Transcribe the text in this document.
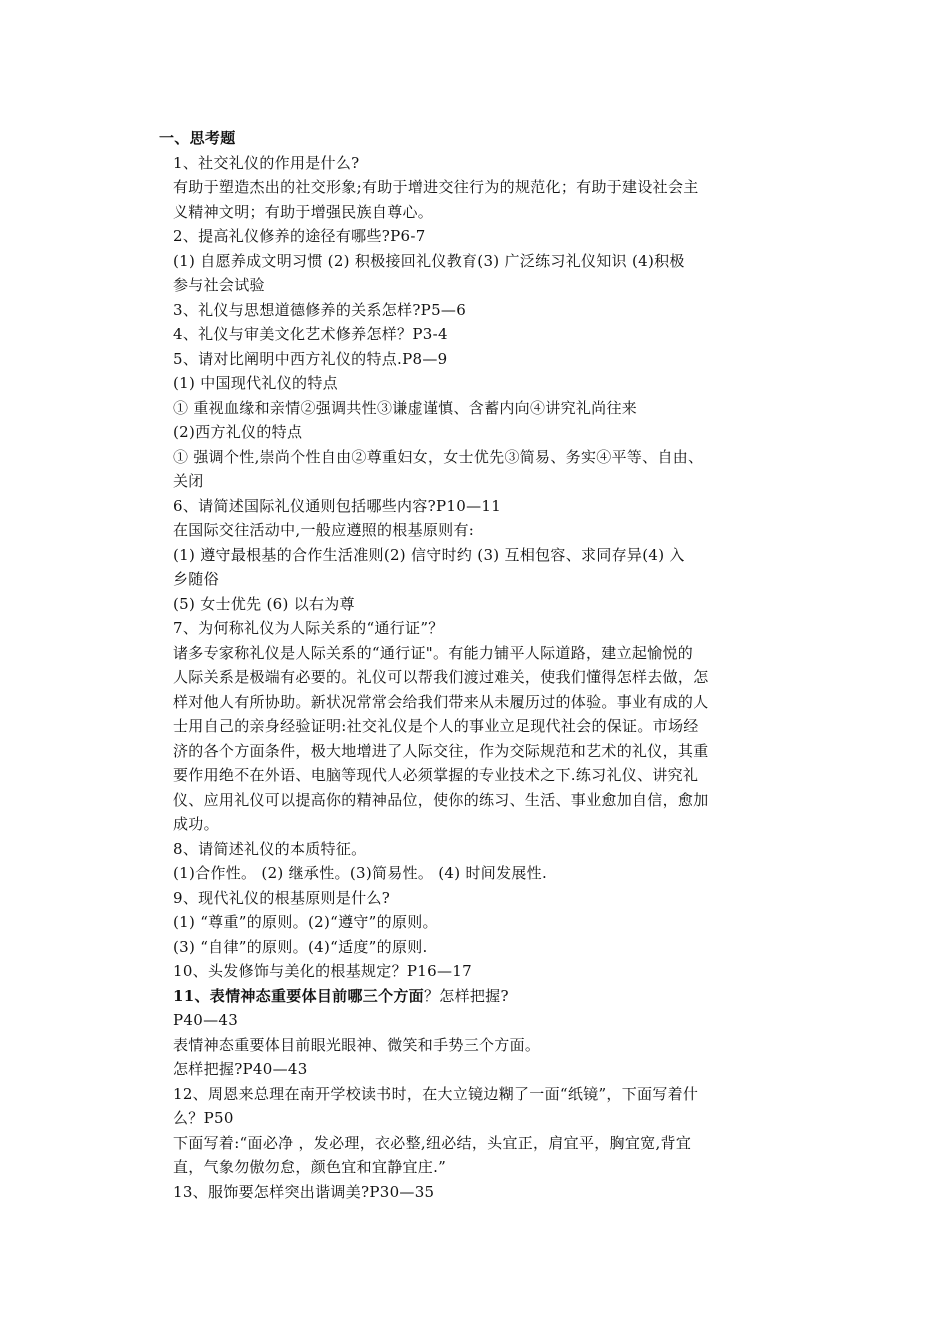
一、思考题
1、社交礼仪的作用是什么?
有助于塑造杰出的社交形象;有助于增进交往行为的规范化；有助于建设社会主
义精神文明；有助于增强民族自尊心。
2、提高礼仪修养的途径有哪些?P6-7
(1) 自愿养成文明习惯 (2) 积极接回礼仪教育(3) 广泛练习礼仪知识 (4)积极
参与社会试验
3、礼仪与思想道德修养的关系怎样?P5—6
4、礼仪与审美文化艺术修养怎样？P3-4
5、请对比阐明中西方礼仪的特点.P8—9
(1) 中国现代礼仪的特点
① 重视血缘和亲情②强调共性③谦虚谨慎、含蓄内向④讲究礼尚往来
(2)西方礼仪的特点
① 强调个性,崇尚个性自由②尊重妇女，女士优先③简易、务实④平等、自由、
关闭
6、请简述国际礼仪通则包括哪些内容?P10—11
在国际交往活动中,一般应遵照的根基原则有:
(1) 遵守最根基的合作生活准则(2) 信守时约 (3) 互相包容、求同存异(4) 入
乡随俗
(5) 女士优先 (6) 以右为尊
7、为何称礼仪为人际关系的“通行证”？
诸多专家称礼仪是人际关系的“通行证"。有能力铺平人际道路，建立起愉悦的
人际关系是极端有必要的。礼仪可以帮我们渡过难关，使我们懂得怎样去做，怎
样对他人有所协助。新状况常常会给我们带来从未履历过的体验。事业有成的人
士用自己的亲身经验证明:社交礼仪是个人的事业立足现代社会的保证。市场经
济的各个方面条件，极大地增进了人际交往，作为交际规范和艺术的礼仪，其重
要作用绝不在外语、电脑等现代人必须掌握的专业技术之下.练习礼仪、讲究礼
仪、应用礼仪可以提高你的精神品位，使你的练习、生活、事业愈加自信，愈加
成功。
8、请简述礼仪的本质特征。
(1)合作性。 (2) 继承性。(3)简易性。 (4) 时间发展性.
9、现代礼仪的根基原则是什么?
(1) “尊重”的原则。(2)“遵守”的原则。
(3) “自律”的原则。(4)“适度”的原则.
10、头发修饰与美化的根基规定？P16—17
11、表情神态重要体目前哪三个方面？怎样把握?
P40—43
表情神态重要体目前眼光眼神、微笑和手势三个方面。
怎样把握?P40—43
12、周恩来总理在南开学校读书时，在大立镜边糊了一面“纸镜”，下面写着什
么？P50
下面写着:“面必净 ，发必理，衣必整,纽必结，头宜正，肩宜平，胸宜宽,背宜
直，气象勿傲勿怠，颜色宜和宜静宜庄.”
13、服饰要怎样突出谐调美?P30—35
